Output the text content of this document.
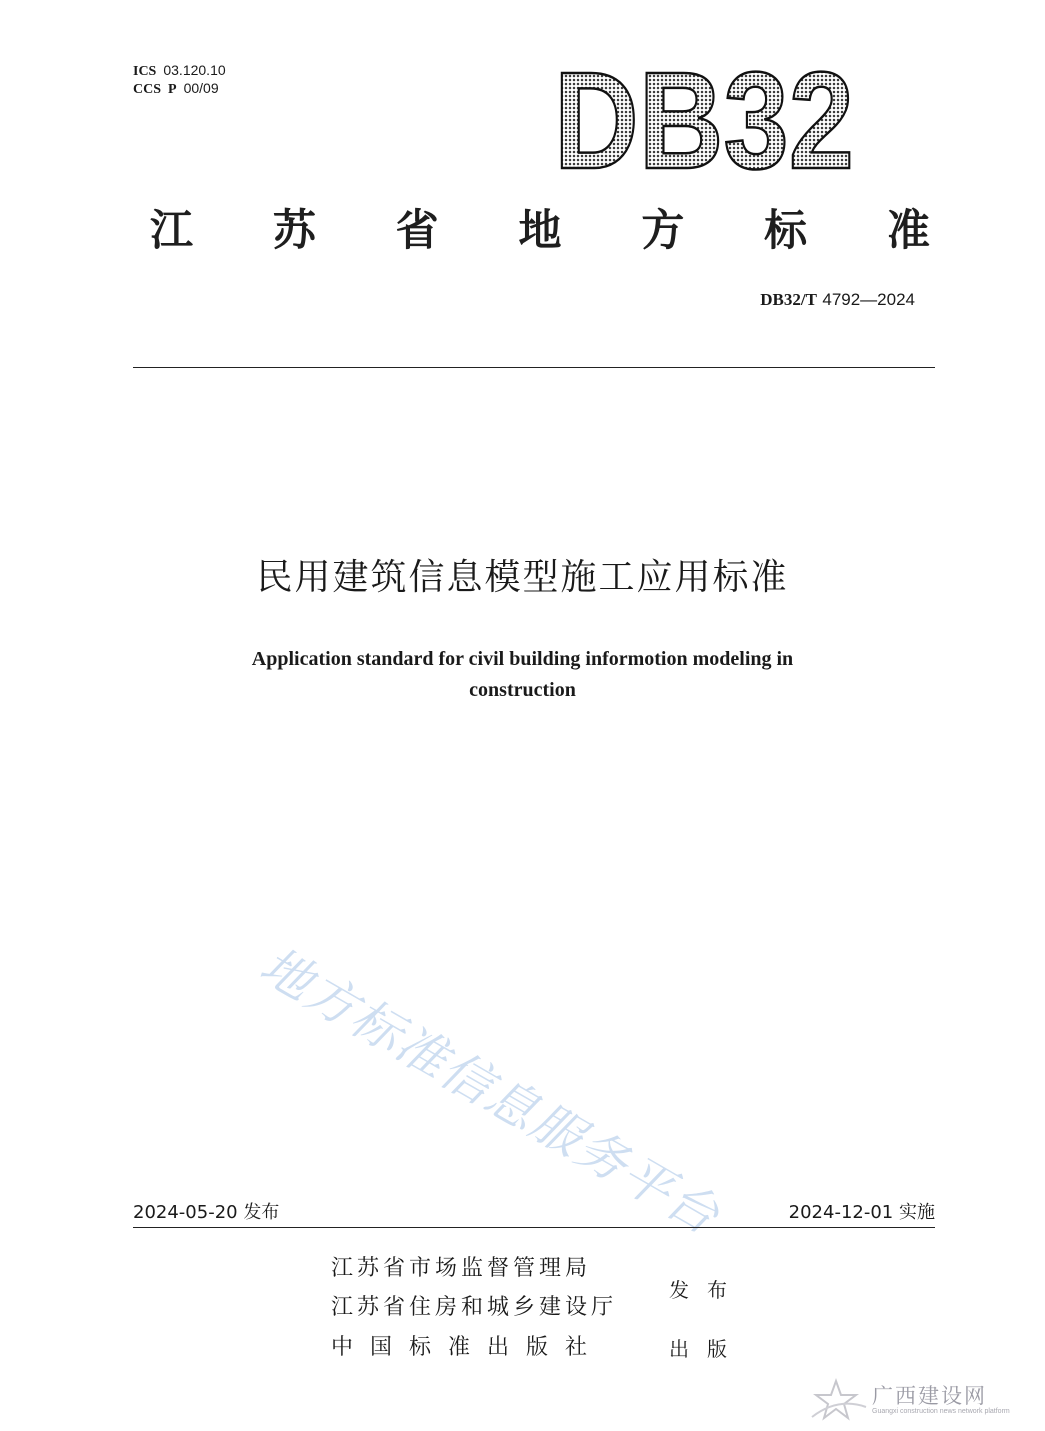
ICS 03.120.10
CCS P 00/09 DB32
江 苏 省 地 方 标 准
DB32/T 4792—2024
民用建筑信息模型施工应用标准
Application standard for civil building informotion modeling in
construction
地方标准信息服务平台
2024-05-20 发布	2024-12-01 实施
江苏省市场监督管理局
江苏省住房和城乡建设厅
中国标准出版社
发布
出版
广西建设网
Guangxi construction news network platform
